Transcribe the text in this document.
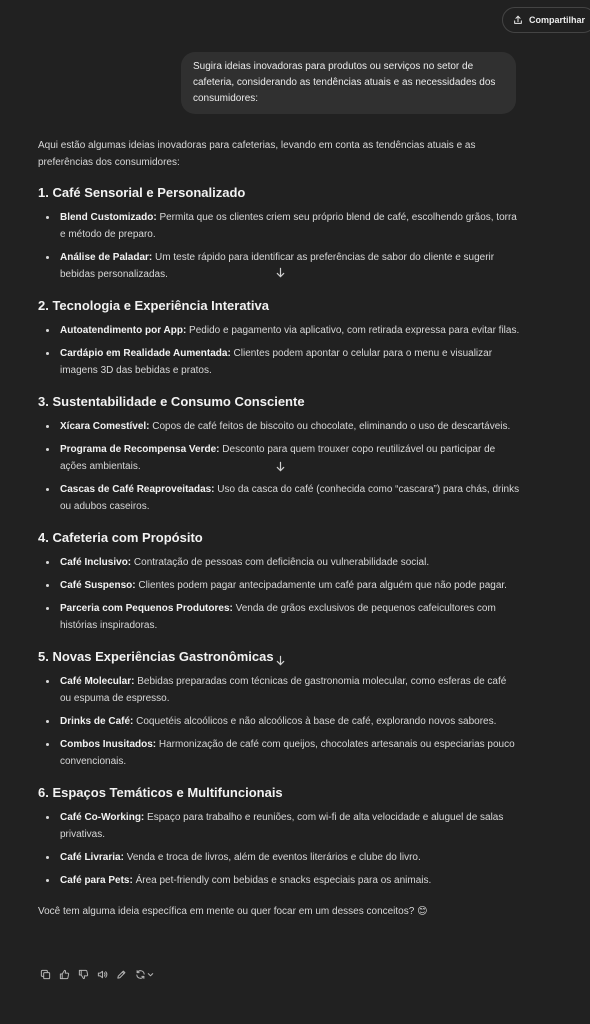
Compartilhar
Sugira ideias inovadoras para produtos ou serviços no setor de cafeteria, considerando as tendências atuais e as necessidades dos consumidores:

Aqui estão algumas ideias inovadoras para cafeterias, levando em conta as tendências atuais e as preferências dos consumidores:

1. Café Sensorial e Personalizado
• Blend Customizado: Permita que os clientes criem seu próprio blend de café, escolhendo grãos, torra e método de preparo.
• Análise de Paladar: Um teste rápido para identificar as preferências de sabor do cliente e sugerir bebidas personalizadas.
2. Tecnologia e Experiência Interativa
• Autoatendimento por App: Pedido e pagamento via aplicativo, com retirada expressa para evitar filas.
• Cardápio em Realidade Aumentada: Clientes podem apontar o celular para o menu e visualizar imagens 3D das bebidas e pratos.
3. Sustentabilidade e Consumo Consciente
• Xícara Comestível: Copos de café feitos de biscoito ou chocolate, eliminando o uso de descartáveis.
• Programa de Recompensa Verde: Desconto para quem trouxer copo reutilizável ou participar de ações ambientais.
• Cascas de Café Reaproveitadas: Uso da casca do café (conhecida como “cascara”) para chás, drinks ou adubos caseiros.
4. Cafeteria com Propósito
• Café Inclusivo: Contratação de pessoas com deficiência ou vulnerabilidade social.
• Café Suspenso: Clientes podem pagar antecipadamente um café para alguém que não pode pagar.
• Parceria com Pequenos Produtores: Venda de grãos exclusivos de pequenos cafeicultores com histórias inspiradoras.
5. Novas Experiências Gastronômicas
• Café Molecular: Bebidas preparadas com técnicas de gastronomia molecular, como esferas de café ou espuma de espresso.
• Drinks de Café: Coquetéis alcoólicos e não alcoólicos à base de café, explorando novos sabores.
• Combos Inusitados: Harmonização de café com queijos, chocolates artesanais ou especiarias pouco convencionais.
6. Espaços Temáticos e Multifuncionais
• Café Co-Working: Espaço para trabalho e reuniões, com wi-fi de alta velocidade e aluguel de salas privativas.
• Café Livraria: Venda e troca de livros, além de eventos literários e clube do livro.
• Café para Pets: Área pet-friendly com bebidas e snacks especiais para os animais.

Você tem alguma ideia específica em mente ou quer focar em um desses conceitos? 😊
